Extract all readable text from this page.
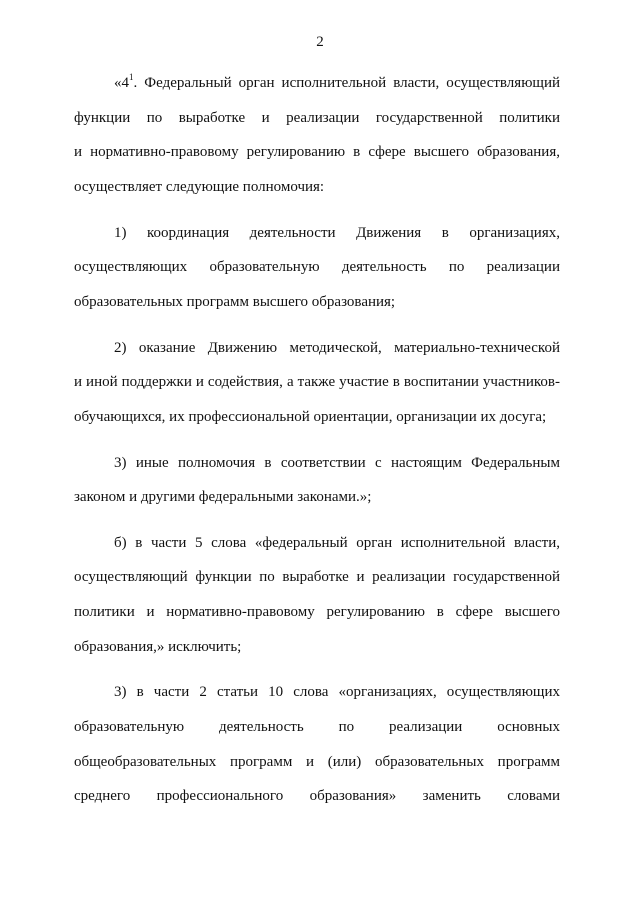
2
«$4^1$. Федеральный орган исполнительной власти, осуществляющий
функции по выработке и реализации государственной политики
и нормативно-правовому регулированию в сфере высшего образования,
осуществляет следующие полномочия:
1) координация деятельности Движения в организациях,
осуществляющих образовательную деятельность по реализации
образовательных программ высшего образования;
2) оказание Движению методической, материально-технической
и иной поддержки и содействия, а также участие в воспитании участников-
обучающихся, их профессиональной ориентации, организации их досуга;
3) иные полномочия в соответствии с настоящим Федеральным
законом и другими федеральными законами.»;
б) в части 5 слова «федеральный орган исполнительной власти,
осуществляющий функции по выработке и реализации государственной
политики и нормативно-правовому регулированию в сфере высшего
образования,» исключить;
3) в части 2 статьи 10 слова «организациях, осуществляющих
образовательную деятельность по реализации основных
общеобразовательных программ и (или) образовательных программ
среднего профессионального образования» заменить словами
